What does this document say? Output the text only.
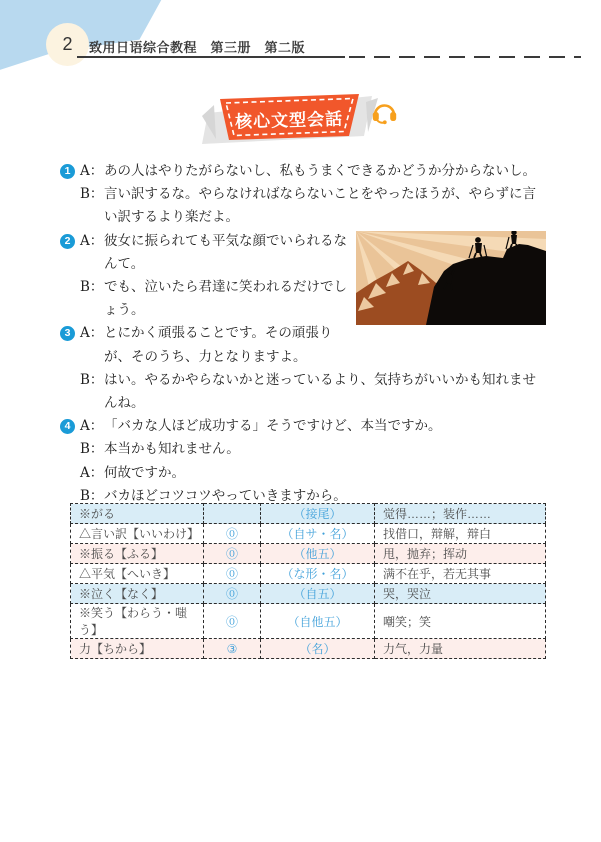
2 致用日语综合教程　第三册　第二版
核心文型会話
1 A： あの人はやりたがらないし、私もうまくできるかどうか分からないし。
B： 言い訳するな。やらなければならないことをやったほうが、やらずに言い訳するより楽だよ。
2 A： 彼女に振られても平気な顔でいられるなんて。
B： でも、泣いたら君達に笑われるだけでしょう。
3 A： とにかく頑張ることです。その頑張りが、そのうち、力となりますよ。
B： はい。やるかやらないかと迷っているより、気持ちがいいかも知れませんね。
4 A： 「バカな人ほど成功する」そうですけど、本当ですか。
B： 本当かも知れません。
A： 何故ですか。
B： バカほどコツコツやっていきますから。
※がる		（接尾）	觉得……；装作……
△言い訳【いいわけ】	⓪	（自サ・名）	找借口，辩解，辩白
※振る【ふる】	⓪	（他五）	甩，抛弃；挥动
△平気【へいき】	⓪	（な形・名）	满不在乎，若无其事
※泣く【なく】	⓪	（自五）	哭，哭泣
※笑う【わらう・嗤う】	⓪	（自他五）	嘲笑；笑
力【ちから】	③	（名）	力气，力量
